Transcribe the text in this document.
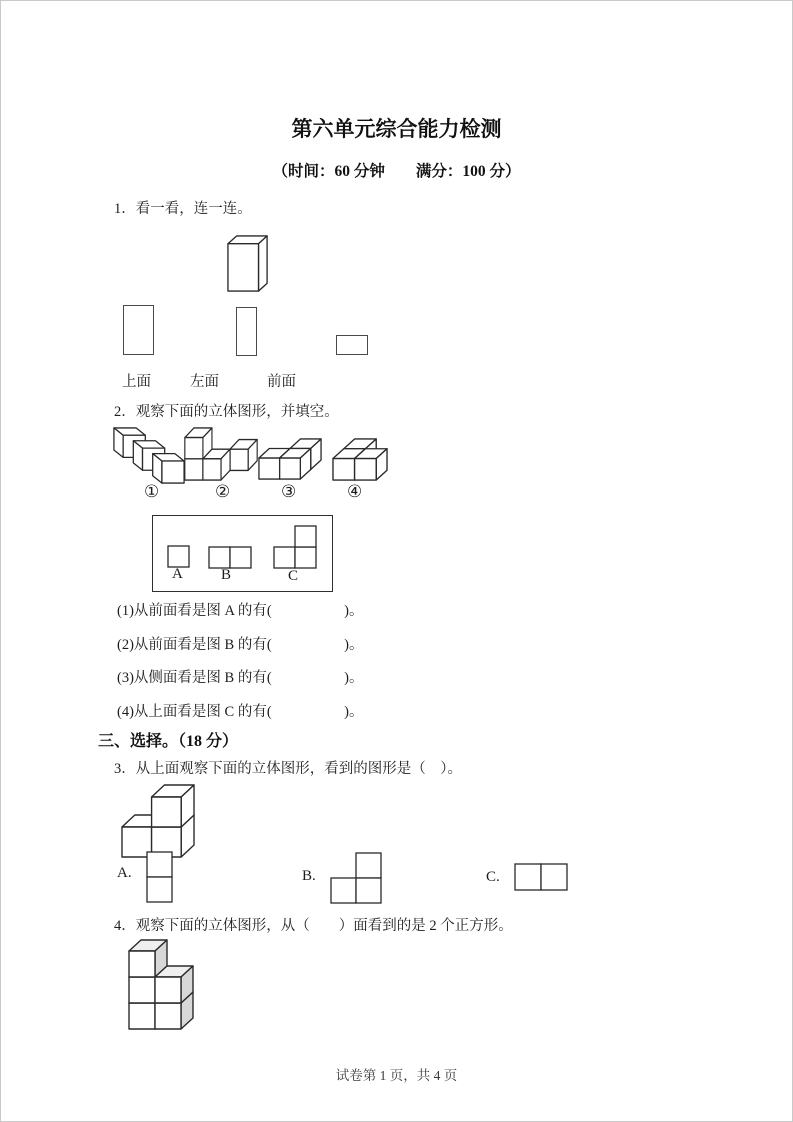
第六单元综合能力检测
（时间：60 分钟　　满分：100 分）
1．看一看，连一连。
上面	左面	前面
2．观察下面的立体图形，并填空。
①	②	③	④
A	B	C
(1)从前面看是图 A 的有(　　　　　)。
(2)从前面看是图 B 的有(　　　　　)。
(3)从侧面看是图 B 的有(　　　　　)。
(4)从上面看是图 C 的有(　　　　　)。
三、选择。（18 分）
3．从上面观察下面的立体图形，看到的图形是（　）。
A.	B.	C.
4．观察下面的立体图形，从（　　）面看到的是 2 个正方形。
试卷第 1 页，共 4 页
